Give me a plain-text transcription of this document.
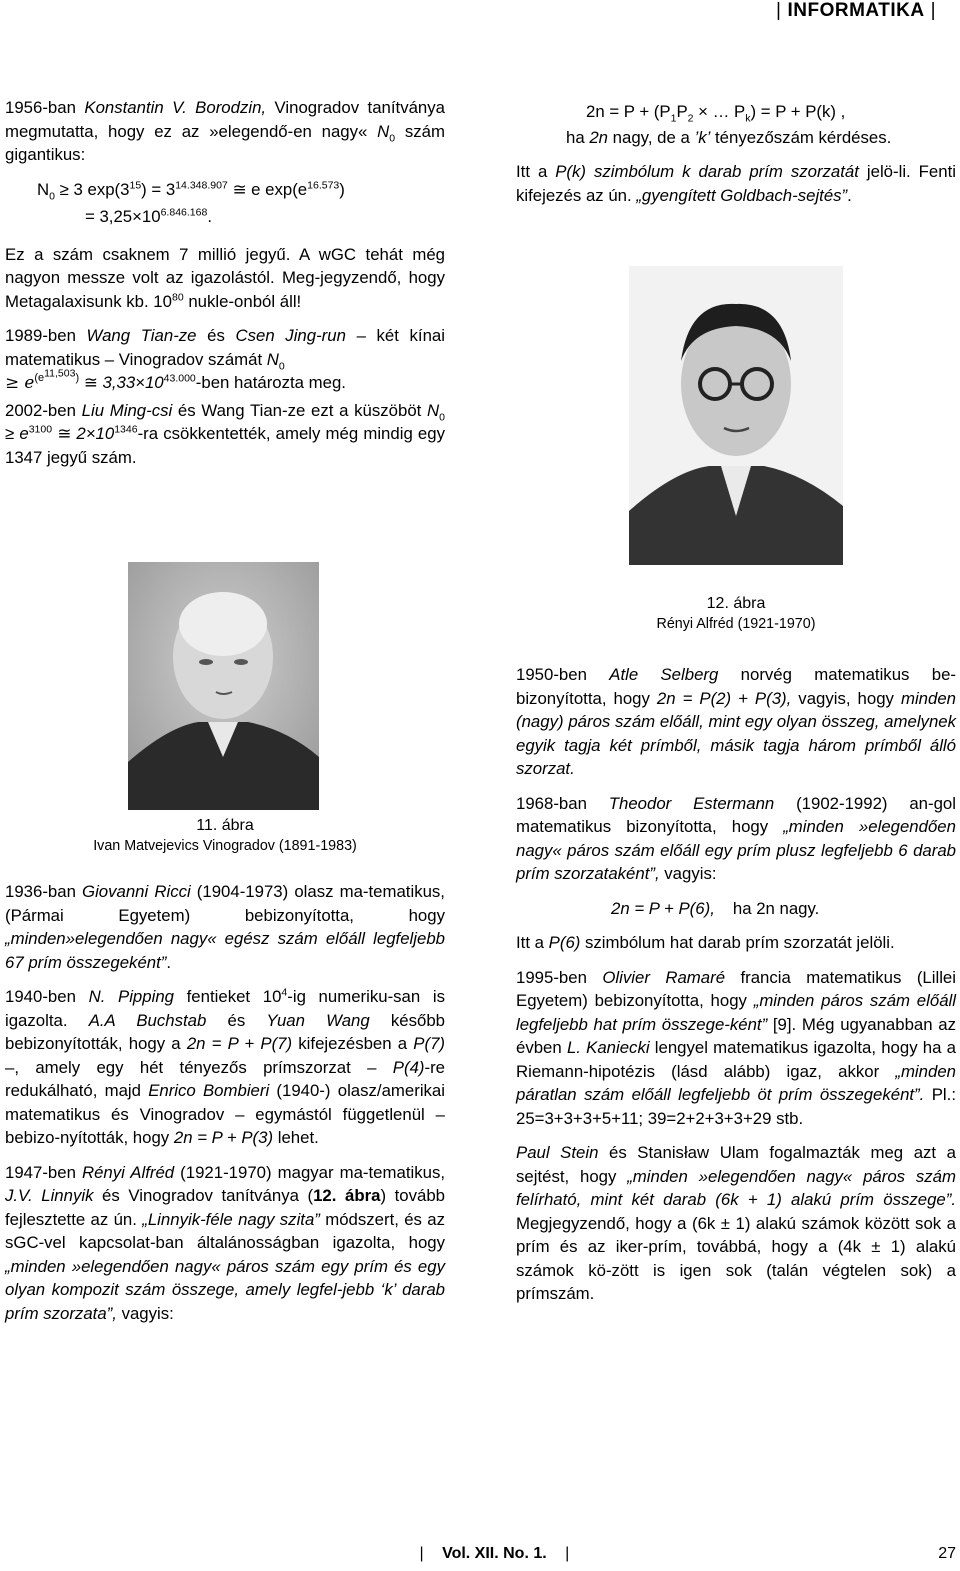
| INFORMATIKA |

1956-ban Konstantin V. Borodzin, Vinogradov tanítványa megmutatta, hogy ez az »elegendő-en nagy« $N_0$ szám gigantikus:

$N_0 \ge 3$ $\exp(3^{15}) = 3^{14.348.907}$ ≅ e $\exp(e^{16.573})$

= $3,25\times 10^{6.846.168}$.

Ez a szám csaknem 7 millió jegyű. A wGC tehát még nagyon messze volt az igazolástól. Meg-jegyzendő, hogy Metagalaxisunk kb. $10^{80}$ nukle-onból áll!

1989-ben Wang Tian-ze és Csen Jing-run – két kínai matematikus – Vinogradov számát $N_0$
≥ $e^{(e^{11,503})}$ ≅ $3,33\times 10^{43.000}$-ben határozta meg.

2002-ben Liu Ming-csi és Wang Tian-ze ezt a küszöböt $N_0 \ge e^{3100}$ ≅ $2\times 10^{1346}-ra$ csökkentették, amely még mindig egy 1347 jegyű szám.

11. ábra
Ivan Matvejevics Vinogradov (1891-1983)

1936-ban Giovanni Ricci (1904-1973) olasz ma-tematikus, (Pármai Egyetem) bebizonyította, hogy „minden»elegendően nagy« egész szám előáll legfeljebb 67 prím összegeként”.

1940-ben N. Pipping fentieket $10^4-ig$ numeriku-san is igazolta. A.A Buchstab és Yuan Wang később bebizonyították, hogy a 2n = P + P(7) kifejezésben a P(7) –, amely egy hét tényezős prímszorzat – P(4)-re redukálható, majd Enrico Bombieri (1940-) olasz/amerikai matematikus és Vinogradov – egymástól függetlenül – bebizo-nyították, hogy 2n = P + P(3) lehet.

1947-ben Rényi Alfréd (1921-1970) magyar ma-tematikus, J.V. Linnyik és Vinogradov tanítványa (12. ábra) tovább fejlesztette az ún. „Linnyik-féle nagy szita” módszert, és az sGC-vel kapcsolat-ban általánosságban igazolta, hogy „minden »elegendően nagy« páros szám egy prím és egy olyan kompozit szám összege, amely legfel-jebb ‘k’ darab prím szorzata”, vagyis:

$2n = P + (P_1P_2$ × … $P_k) = P + P(k)$ ,

ha 2n nagy, de a ’k’ tényezőszám kérdéses.

Itt a P(k) szimbólum k darab prím szorzatát jelö-li. Fenti kifejezés az ún. „gyengített Goldbach-sejtés”.

12. ábra
Rényi Alfréd (1921-1970)

1950-ben Atle Selberg norvég matematikus be-bizonyította, hogy 2n = P(2) + P(3), vagyis, hogy minden (nagy) páros szám előáll, mint egy olyan összeg, amelynek egyik tagja két prímből, másik tagja három prímből álló szorzat.

1968-ban Theodor Estermann (1902-1992) an-gol matematikus bizonyította, hogy „minden »elegendően nagy« páros szám előáll egy prím plusz legfeljebb 6 darab prím szorzataként”, vagyis:

2n = P + P(6), ha 2n nagy.

Itt a P(6) szimbólum hat darab prím szorzatát jelöli.

1995-ben Olivier Ramaré francia matematikus (Lillei Egyetem) bebizonyította, hogy „minden páros szám előáll legfeljebb hat prím összege-ként” [9]. Még ugyanabban az évben L. Kaniecki lengyel matematikus igazolta, hogy ha a Riemann-hipotézis (lásd alább) igaz, akkor „minden páratlan szám előáll legfeljebb öt prím összegeként”. Pl.: 25=3+3+3+5+11; 39=2+2+3+3+29 stb.

Paul Stein és Stanisław Ulam fogalmazták meg azt a sejtést, hogy „minden »elegendően nagy« páros szám felírható, mint két darab (6k + 1) alakú prím összege”. Megjegyzendő, hogy a (6k ± 1) alakú számok között sok a prím és az iker-prím, továbbá, hogy a (4k ± 1) alakú számok kö-zött is igen sok (talán végtelen sok) a prímszám.

| Vol. XII. No. 1. |	27
